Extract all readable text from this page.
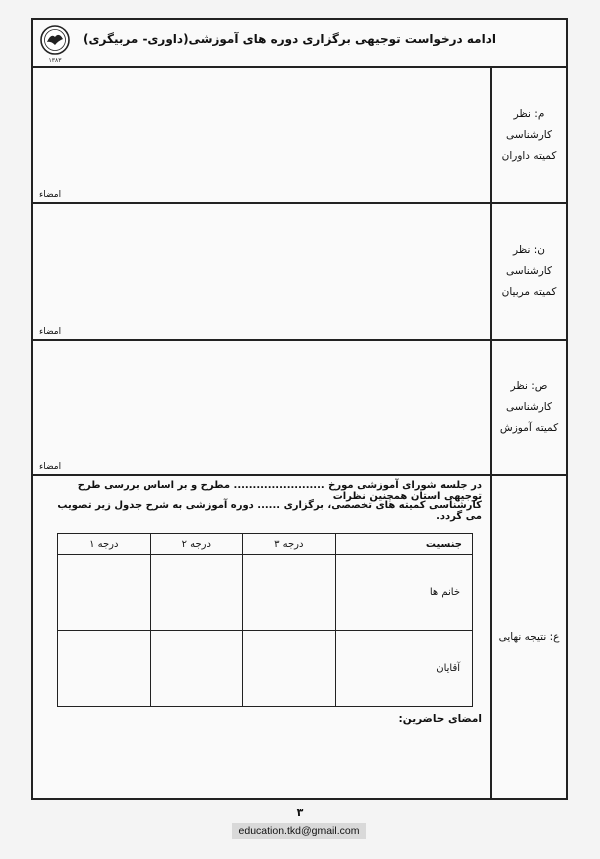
ادامه درخواست توجیهی برگزاری دوره های آموزشی(داوری- مربیگری)
۱۳۸۳
م: نظر
کارشناسی
کمیته داوران
امضاء
ن: نظر
کارشناسی
کمیته مربیان
امضاء
ص: نظر
کارشناسی
کمیته آموزش
امضاء
ع: نتیجه نهایی
در جلسه شورای آموزشی مورخ ........................ مطرح و بر اساس بررسی طرح توجیهی استان همچنین نظرات
کارشناسی کمیته های تخصصی، برگزاری ...... دوره آموزشی به شرح جدول زیر تصویب می گردد.
جنسیت	درجه ۳	درجه ۲	درجه ۱
خانم ها			
آقایان			
امضای حاضرین:
۳
education.tkd@gmail.com
